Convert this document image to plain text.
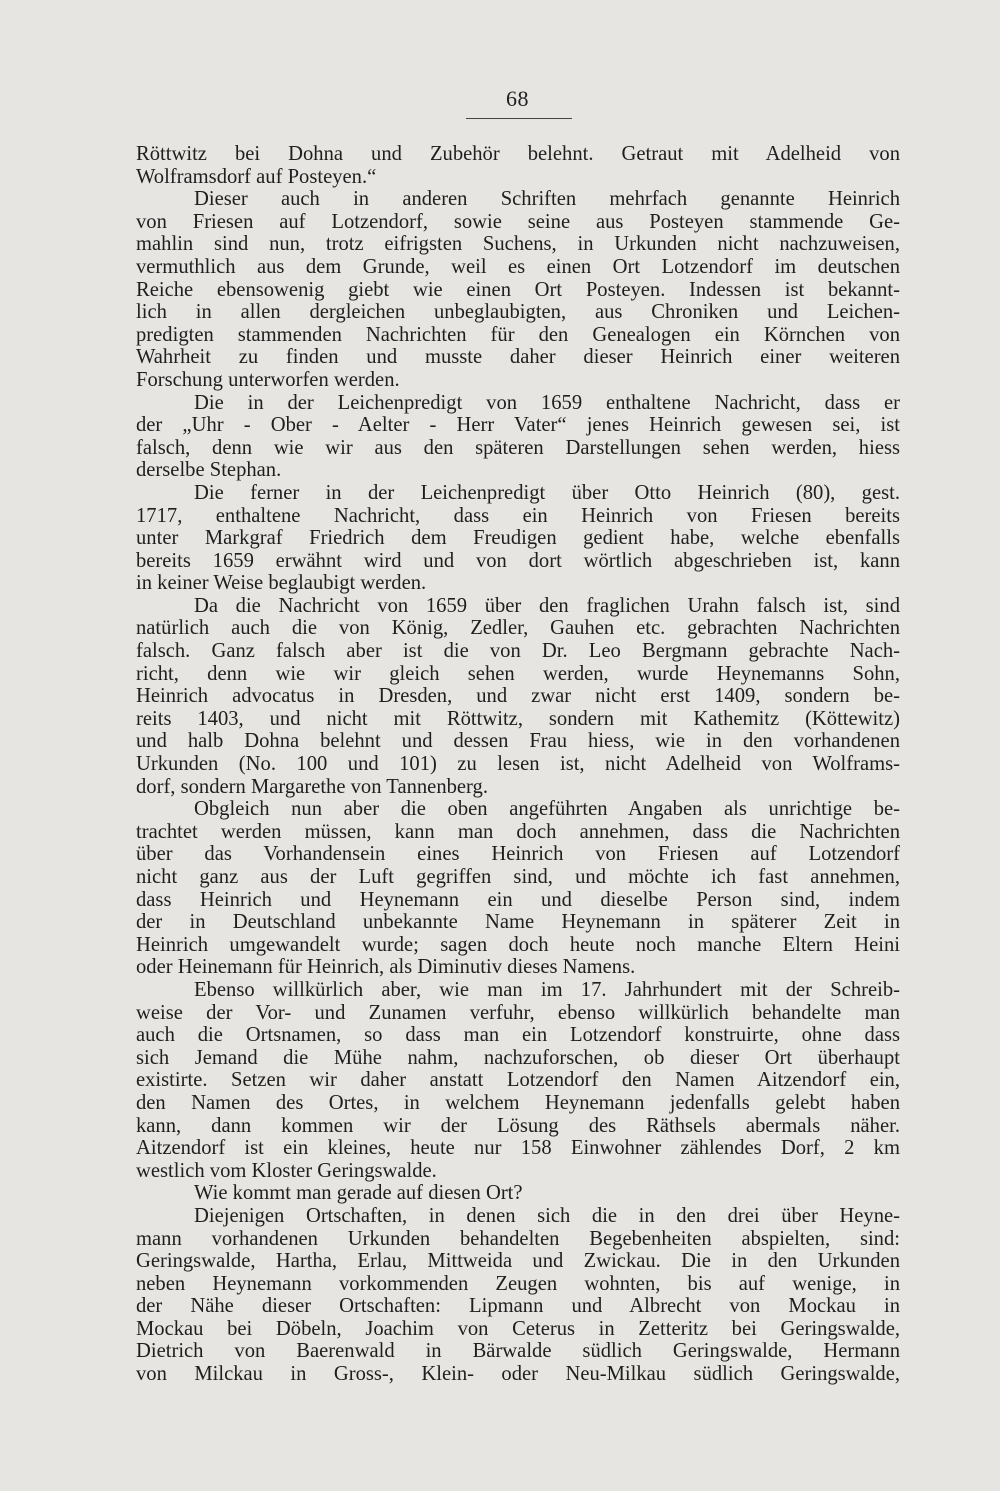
68
Röttwitz bei Dohna und Zubehör belehnt. Getraut mit Adelheid von
Wolframsdorf auf Posteyen.“
Dieser auch in anderen Schriften mehrfach genannte Heinrich
von Friesen auf Lotzendorf, sowie seine aus Posteyen stammende Ge-
mahlin sind nun, trotz eifrigsten Suchens, in Urkunden nicht nachzuweisen,
vermuthlich aus dem Grunde, weil es einen Ort Lotzendorf im deutschen
Reiche ebensowenig giebt wie einen Ort Posteyen. Indessen ist bekannt-
lich in allen dergleichen unbeglaubigten, aus Chroniken und Leichen-
predigten stammenden Nachrichten für den Genealogen ein Körnchen von
Wahrheit zu finden und musste daher dieser Heinrich einer weiteren
Forschung unterworfen werden.
Die in der Leichenpredigt von 1659 enthaltene Nachricht, dass er
der „Uhr - Ober - Aelter - Herr Vater“ jenes Heinrich gewesen sei, ist
falsch, denn wie wir aus den späteren Darstellungen sehen werden, hiess
derselbe Stephan.
Die ferner in der Leichenpredigt über Otto Heinrich (80), gest.
1717, enthaltene Nachricht, dass ein Heinrich von Friesen bereits
unter Markgraf Friedrich dem Freudigen gedient habe, welche ebenfalls
bereits 1659 erwähnt wird und von dort wörtlich abgeschrieben ist, kann
in keiner Weise beglaubigt werden.
Da die Nachricht von 1659 über den fraglichen Urahn falsch ist, sind
natürlich auch die von König, Zedler, Gauhen etc. gebrachten Nachrichten
falsch. Ganz falsch aber ist die von Dr. Leo Bergmann gebrachte Nach-
richt, denn wie wir gleich sehen werden, wurde Heynemanns Sohn,
Heinrich advocatus in Dresden, und zwar nicht erst 1409, sondern be-
reits 1403, und nicht mit Röttwitz, sondern mit Kathemitz (Köttewitz)
und halb Dohna belehnt und dessen Frau hiess, wie in den vorhandenen
Urkunden (No. 100 und 101) zu lesen ist, nicht Adelheid von Wolframs-
dorf, sondern Margarethe von Tannenberg.
Obgleich nun aber die oben angeführten Angaben als unrichtige be-
trachtet werden müssen, kann man doch annehmen, dass die Nachrichten
über das Vorhandensein eines Heinrich von Friesen auf Lotzendorf
nicht ganz aus der Luft gegriffen sind, und möchte ich fast annehmen,
dass Heinrich und Heynemann ein und dieselbe Person sind, indem
der in Deutschland unbekannte Name Heynemann in späterer Zeit in
Heinrich umgewandelt wurde; sagen doch heute noch manche Eltern Heini
oder Heinemann für Heinrich, als Diminutiv dieses Namens.
Ebenso willkürlich aber, wie man im 17. Jahrhundert mit der Schreib-
weise der Vor- und Zunamen verfuhr, ebenso willkürlich behandelte man
auch die Ortsnamen, so dass man ein Lotzendorf konstruirte, ohne dass
sich Jemand die Mühe nahm, nachzuforschen, ob dieser Ort überhaupt
existirte. Setzen wir daher anstatt Lotzendorf den Namen Aitzendorf ein,
den Namen des Ortes, in welchem Heynemann jedenfalls gelebt haben
kann, dann kommen wir der Lösung des Räthsels abermals näher.
Aitzendorf ist ein kleines, heute nur 158 Einwohner zählendes Dorf, 2 km
westlich vom Kloster Geringswalde.
Wie kommt man gerade auf diesen Ort?
Diejenigen Ortschaften, in denen sich die in den drei über Heyne-
mann vorhandenen Urkunden behandelten Begebenheiten abspielten, sind:
Geringswalde, Hartha, Erlau, Mittweida und Zwickau. Die in den Urkunden
neben Heynemann vorkommenden Zeugen wohnten, bis auf wenige, in
der Nähe dieser Ortschaften: Lipmann und Albrecht von Mockau in
Mockau bei Döbeln, Joachim von Ceterus in Zetteritz bei Geringswalde,
Dietrich von Baerenwald in Bärwalde südlich Geringswalde, Hermann
von Milckau in Gross-, Klein- oder Neu-Milkau südlich Geringswalde,
